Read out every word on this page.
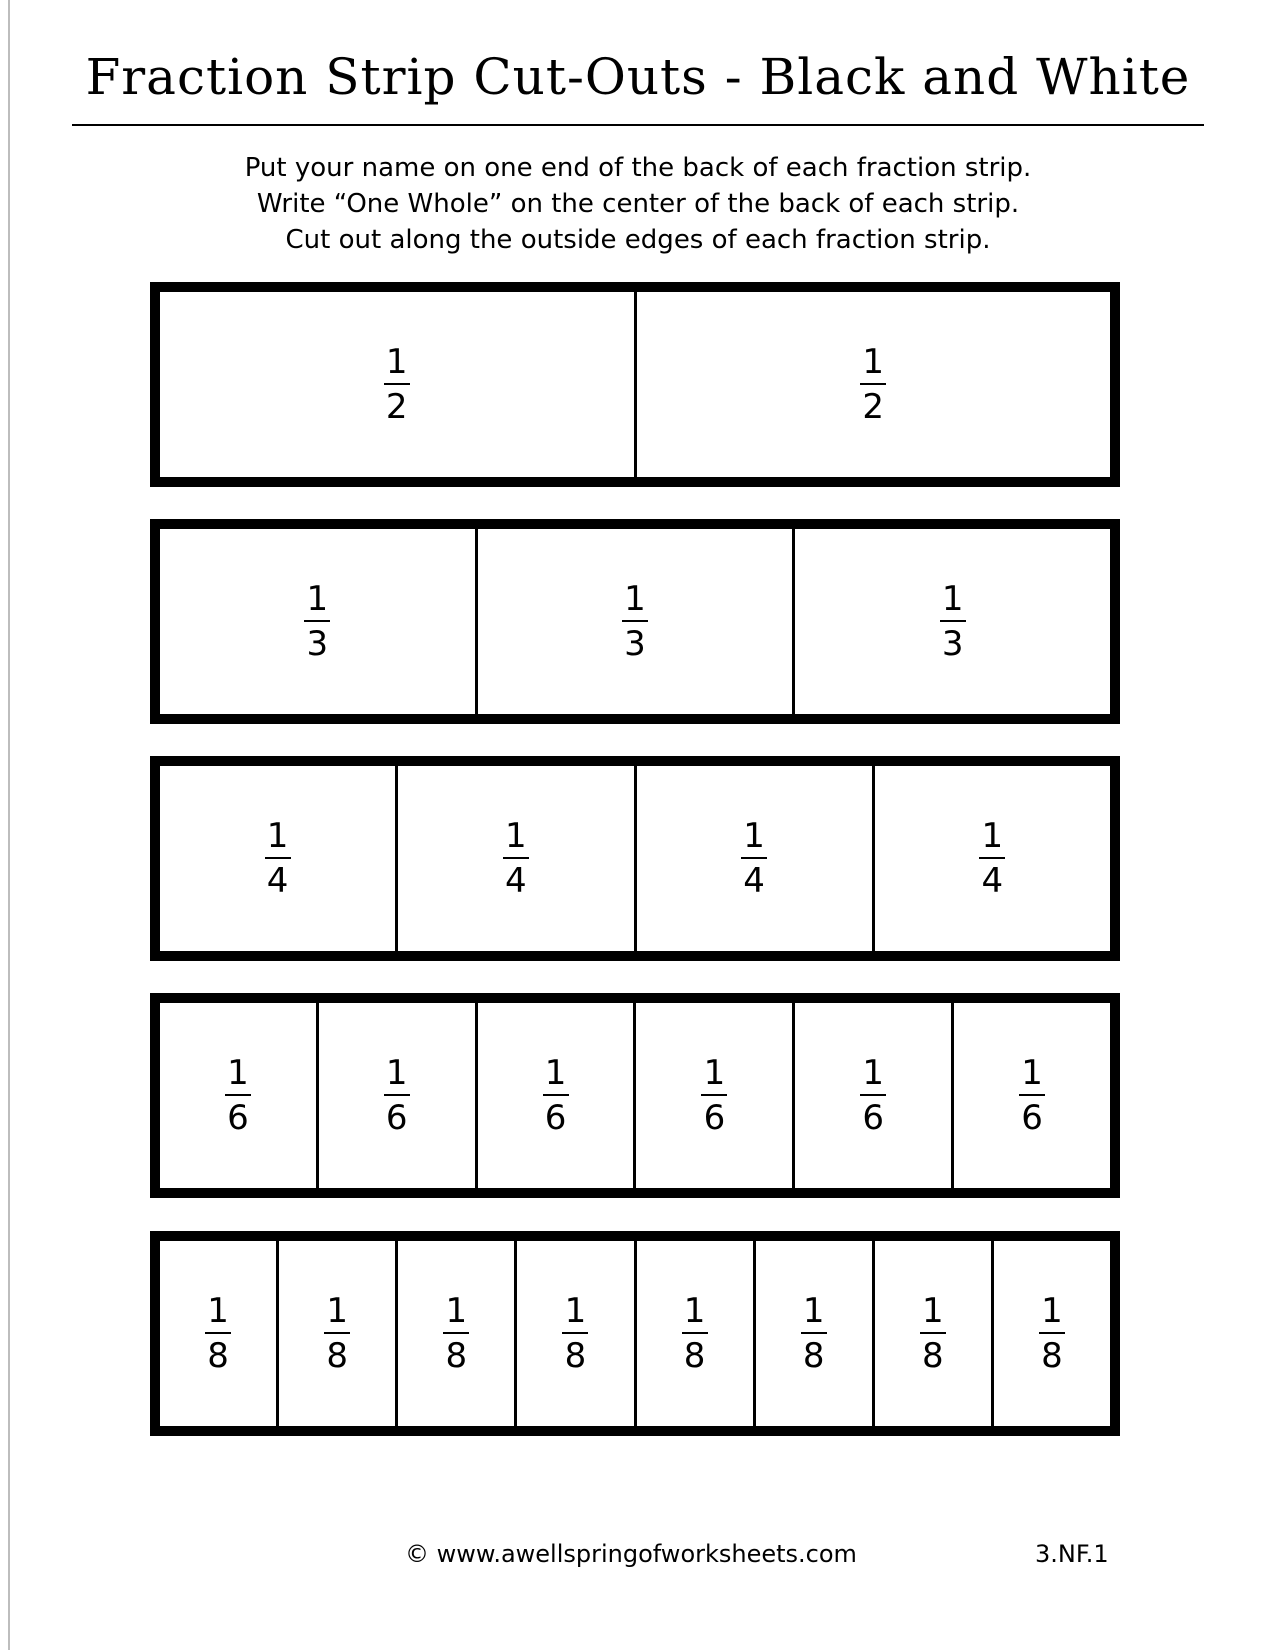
Fraction Strip Cut-Outs - Black and White
Put your name on one end of the back of each fraction strip.
Write “One Whole” on the center of the back of each strip.
Cut out along the outside edges of each fraction strip.
$\frac{1}{2}$	$\frac{1}{2}$
$\frac{1}{3}$	$\frac{1}{3}$	$\frac{1}{3}$
$\frac{1}{4}$	$\frac{1}{4}$	$\frac{1}{4}$	$\frac{1}{4}$
$\frac{1}{6}$	$\frac{1}{6}$	$\frac{1}{6}$	$\frac{1}{6}$	$\frac{1}{6}$	$\frac{1}{6}$
$\frac{1}{8}$	$\frac{1}{8}$	$\frac{1}{8}$	$\frac{1}{8}$	$\frac{1}{8}$	$\frac{1}{8}$	$\frac{1}{8}$	$\frac{1}{8}$
© www.awellspringofworksheets.com	3.NF.1
